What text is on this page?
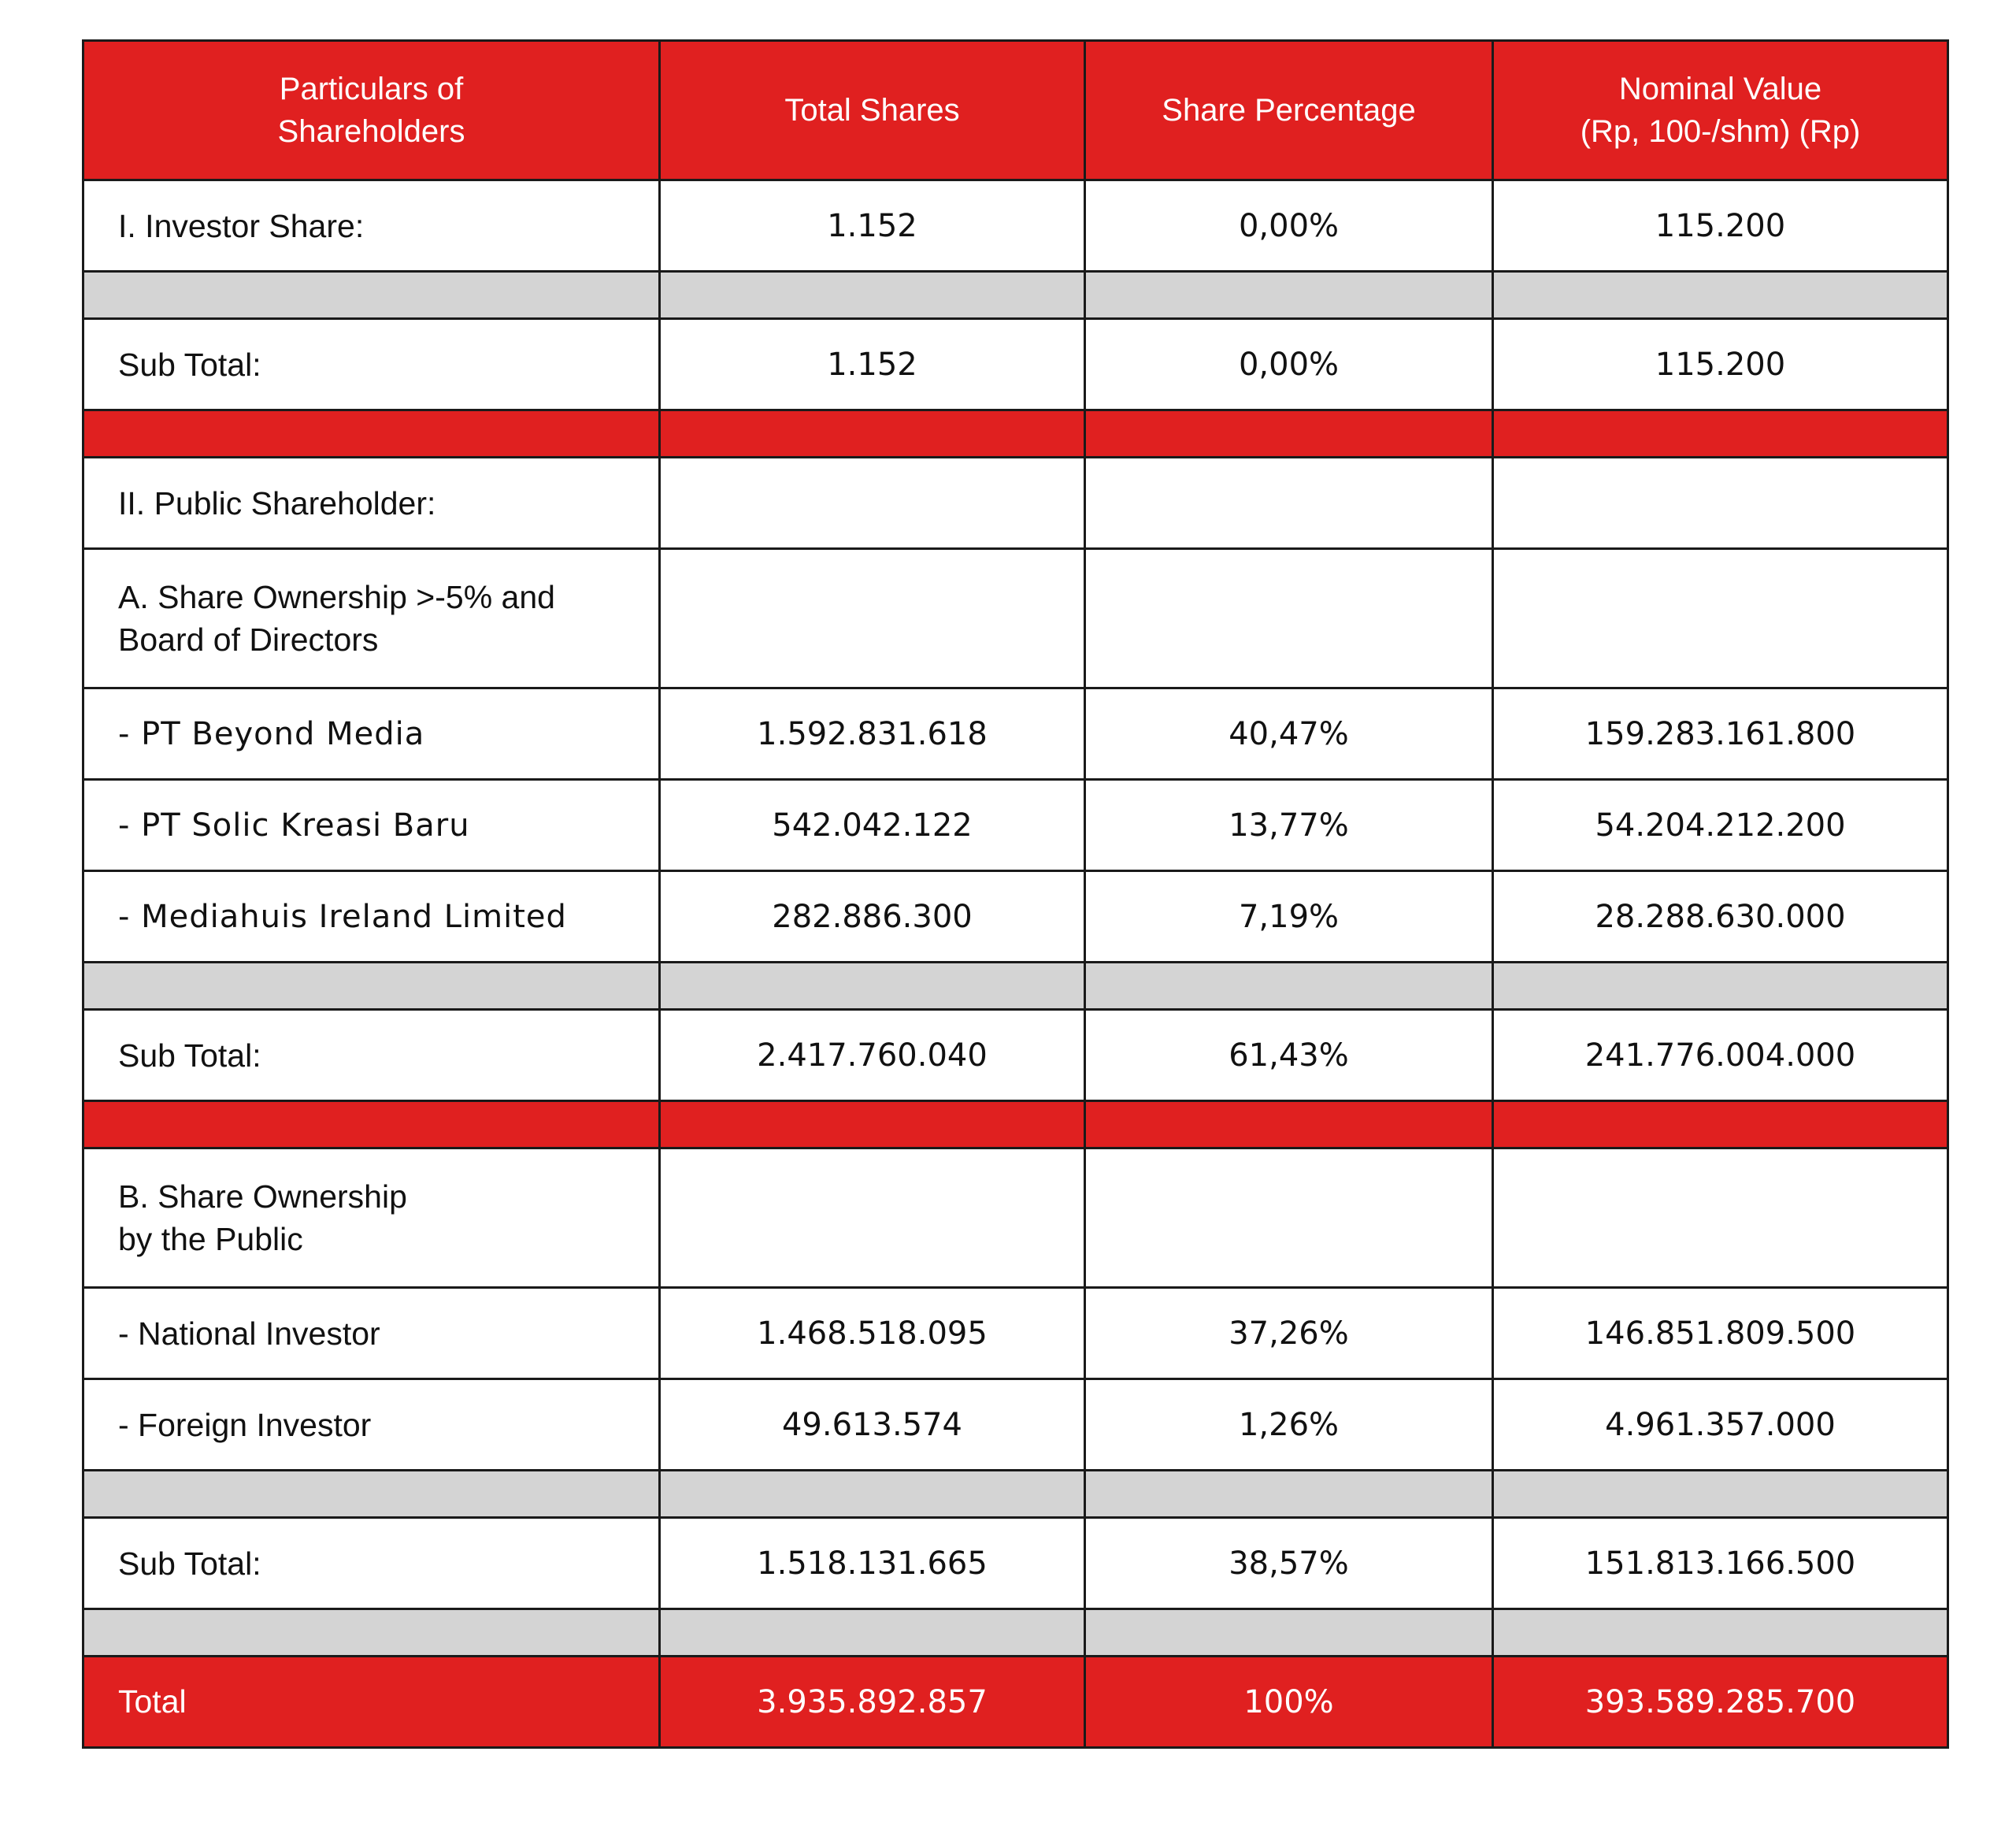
Particulars of
Shareholders	Total Shares	Share Percentage	Nominal Value
(Rp, 100-/shm) (Rp)
I. Investor Share:	1.152	0,00%	115.200

Sub Total:	1.152	0,00%	115.200

II. Public Shareholder:			
A. Share Ownership >-5% and
Board of Directors			
- PT Beyond Media	1.592.831.618	40,47%	159.283.161.800
- PT Solic Kreasi Baru	542.042.122	13,77%	54.204.212.200
- Mediahuis Ireland Limited	282.886.300	7,19%	28.288.630.000

Sub Total:	2.417.760.040	61,43%	241.776.004.000

B. Share Ownership
by the Public			
- National Investor	1.468.518.095	37,26%	146.851.809.500
- Foreign Investor	49.613.574	1,26%	4.961.357.000

Sub Total:	1.518.131.665	38,57%	151.813.166.500

Total	3.935.892.857	100%	393.589.285.700
